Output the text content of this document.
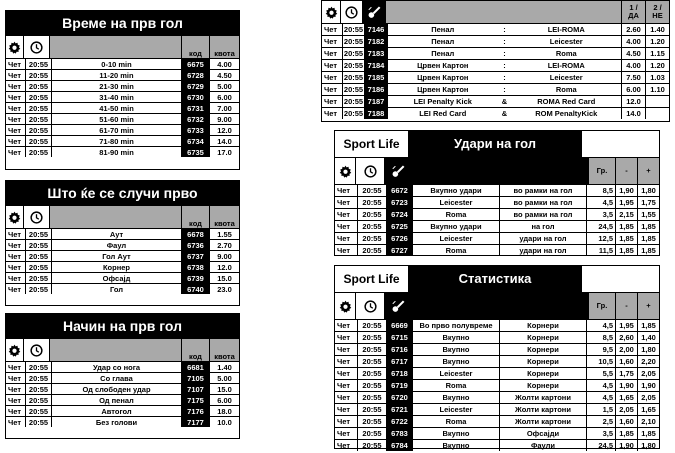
Време на прв гол
код	квота
Чет	20:55	0-10 min	6675	4.00
Чет	20:55	11-20 min	6728	4.50
Чет	20:55	21-30 min	6729	5.00
Чет	20:55	31-40 min	6730	6.00
Чет	20:55	41-50 min	6731	7.00
Чет	20:55	51-60 min	6732	9.00
Чет	20:55	61-70 min	6733	12.0
Чет	20:55	71-80 min	6734	14.0
Чет	20:55	81-90 min	6735	17.0
Што ќе се случи прво
код	квота
Чет	20:55	Аут	6678	1.55
Чет	20:55	Фаул	6736	2.70
Чет	20:55	Гол Аут	6737	9.00
Чет	20:55	Корнер	6738	12.0
Чет	20:55	Офсајд	6739	15.0
Чет	20:55	Гол	6740	23.0
Начин на прв гол
код	квота
Чет	20:55	Удар со нога	6681	1.40
Чет	20:55	Со глава	7105	5.00
Чет	20:55	Од слободен удар	7107	15.0
Чет	20:55	Од пенал	7175	6.00
Чет	20:55	Автогол	7176	18.0
Чет	20:55	Без голови	7177	10.0
1 /
ДА
2 /
НЕ
Чет 20:55 7146	Пенал	:	LEI-ROMA	2.60	1.40
Чет 20:55 7182	Пенал	:	Leicester	4.00	1.20
Чет 20:55 7183	Пенал	:	Roma	4.50	1.15
Чет 20:55 7184	Црвен Картон	:	LEI-ROMA	4.00	1.20
Чет 20:55 7185	Црвен Картон	:	Leicester	7.50	1.03
Чет 20:55 7186	Црвен Картон	:	Roma	6.00	1.10
Чет 20:55 7187	LEI Penalty Kick	&	ROMA Red Card	12.0
Чет 20:55 7188	LEI Red Card	&	ROM PenaltyKick	14.0
Sport Life	Удари на гол
Гр.	-	+
Чет	20:55	6672	Вкупно удари	во рамки на гол	8,5 1,90 1,80
Чет	20:55	6723	Leicester	во рамки на гол	4,5 1,95 1,75
Чет	20:55	6724	Roma	во рамки на гол	3,5 2,15 1,55
Чет	20:55	6725	Вкупно удари	на гол	24,5 1,85 1,85
Чет	20:55	6726	Leicester	удари на гол	12,5 1,85 1,85
Чет	20:55	6727	Roma	удари на гол	11,5 1,85 1,85
Sport Life	Статистика
Гр.	-	+
Чет	20:55	6669	Во прво полувреме	Корнери	4,5 1,95 1,85
Чет	20:55	6715	Вкупно	Корнери	8,5 2,60 1,40
Чет	20:55	6716	Вкупно	Корнери	9,5 2,00 1,80
Чет	20:55	6717	Вкупно	Корнери	10,5 1,60 2,20
Чет	20:55	6718	Leicester	Корнери	5,5 1,75 2,05
Чет	20:55	6719	Roma	Корнери	4,5 1,90 1,90
Чет	20:55	6720	Вкупно	Жолти картони	4,5 1,65 2,05
Чет	20:55	6721	Leicester	Жолти картони	1,5 2,05 1,65
Чет	20:55	6722	Roma	Жолти картони	2,5 1,60 2,10
Чет	20:55	6783	Вкупно	Офсајди	3,5 1,85 1,85
Чет	20:55	6784	Вкупно	Фаули	24,5 1,90 1,80
